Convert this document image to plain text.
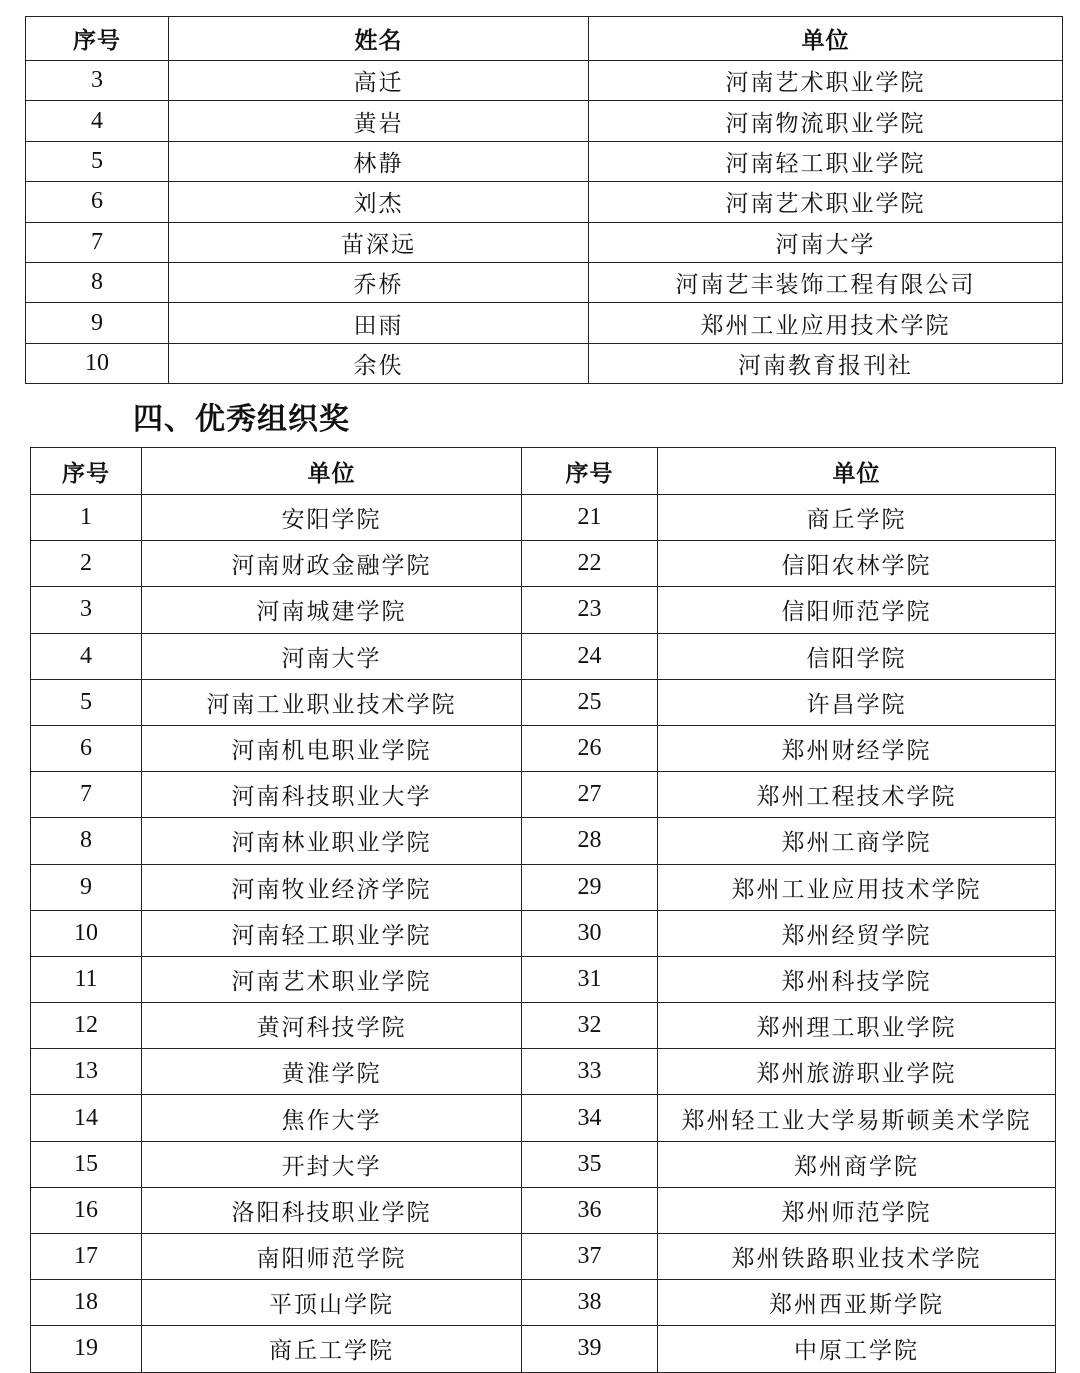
序号	姓名	单位
3	高迁	河南艺术职业学院
4	黄岩	河南物流职业学院
5	林静	河南轻工职业学院
6	刘杰	河南艺术职业学院
7	苗深远	河南大学
8	乔桥	河南艺丰装饰工程有限公司
9	田雨	郑州工业应用技术学院
10	余佚	河南教育报刊社
四、优秀组织奖
序号	单位	序号	单位
1	安阳学院	21	商丘学院
2	河南财政金融学院	22	信阳农林学院
3	河南城建学院	23	信阳师范学院
4	河南大学	24	信阳学院
5	河南工业职业技术学院	25	许昌学院
6	河南机电职业学院	26	郑州财经学院
7	河南科技职业大学	27	郑州工程技术学院
8	河南林业职业学院	28	郑州工商学院
9	河南牧业经济学院	29	郑州工业应用技术学院
10	河南轻工职业学院	30	郑州经贸学院
11	河南艺术职业学院	31	郑州科技学院
12	黄河科技学院	32	郑州理工职业学院
13	黄淮学院	33	郑州旅游职业学院
14	焦作大学	34	郑州轻工业大学易斯顿美术学院
15	开封大学	35	郑州商学院
16	洛阳科技职业学院	36	郑州师范学院
17	南阳师范学院	37	郑州铁路职业技术学院
18	平顶山学院	38	郑州西亚斯学院
19	商丘工学院	39	中原工学院
